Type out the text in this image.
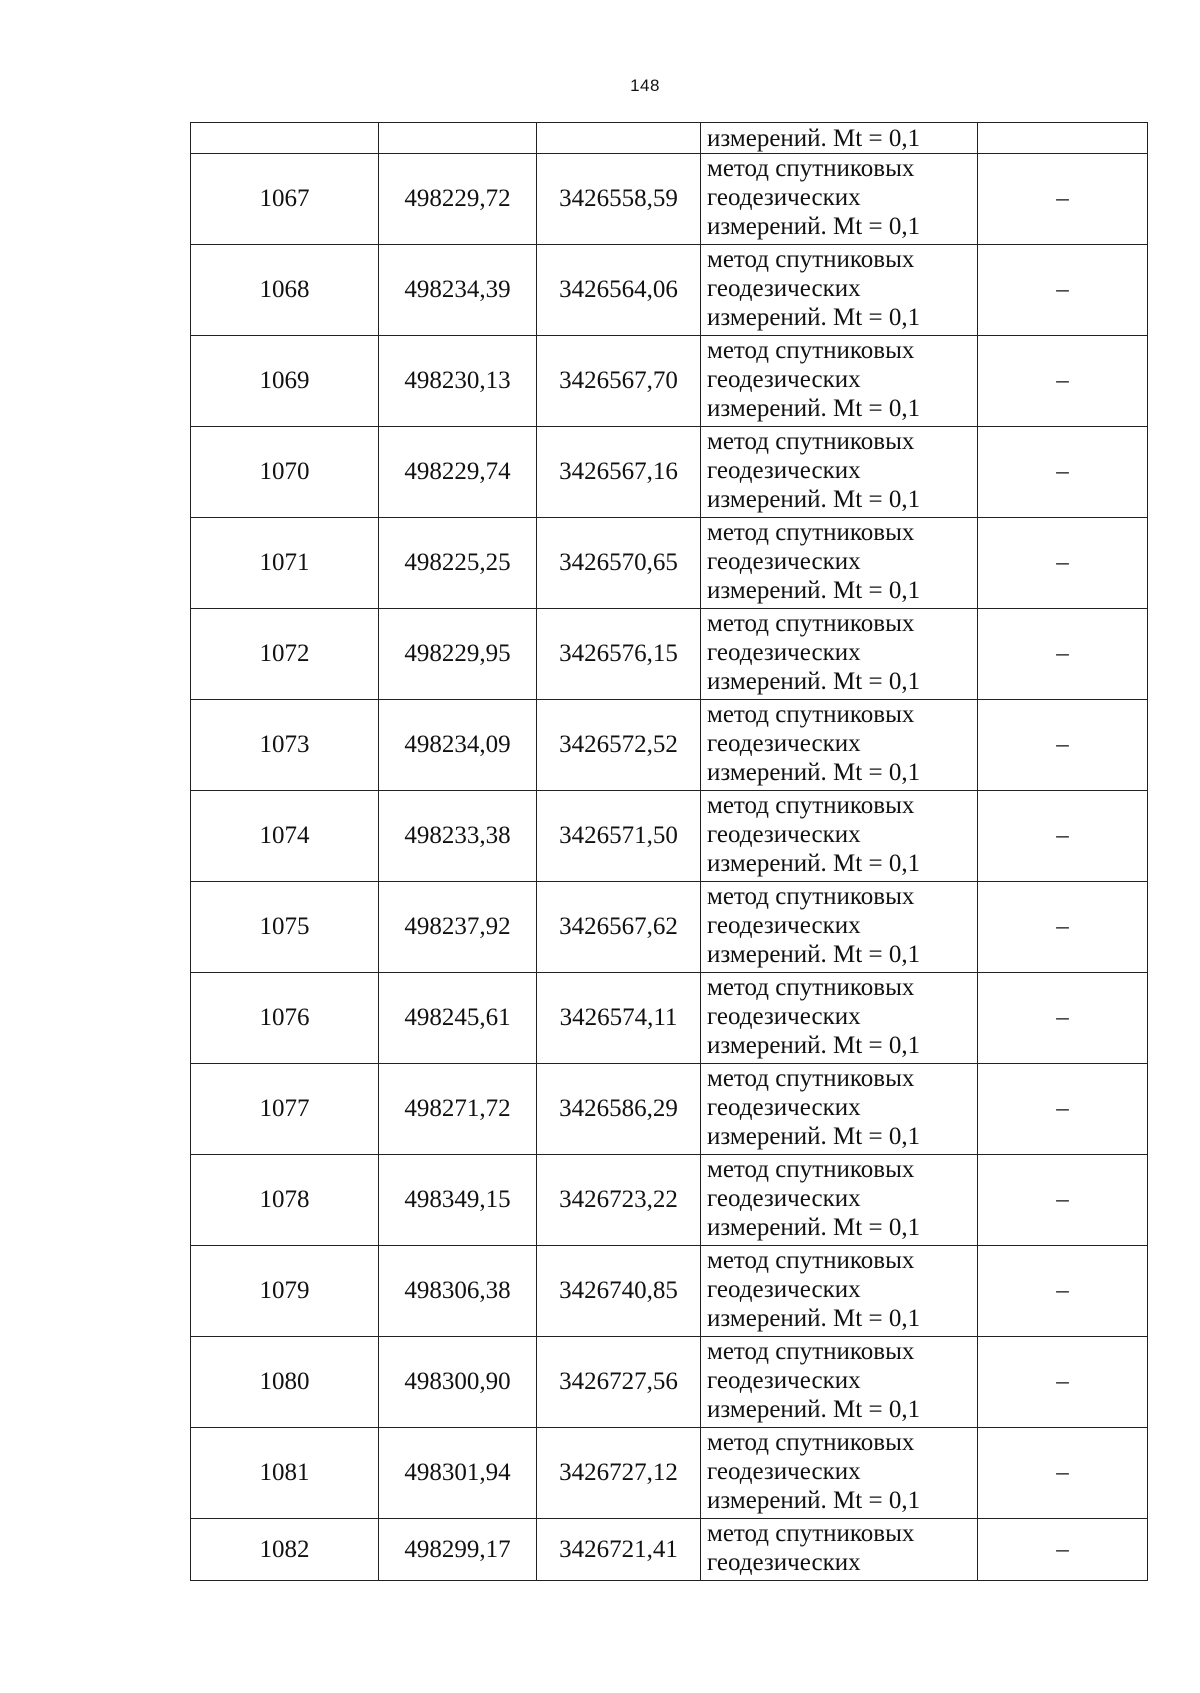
148

			измерений. Mt = 0,1	

1067	498229,72	3426558,59	метод спутниковых
геодезических
измерений. Mt = 0,1	–
1068	498234,39	3426564,06	метод спутниковых
геодезических
измерений. Mt = 0,1	–
1069	498230,13	3426567,70	метод спутниковых
геодезических
измерений. Mt = 0,1	–
1070	498229,74	3426567,16	метод спутниковых
геодезических
измерений. Mt = 0,1	–
1071	498225,25	3426570,65	метод спутниковых
геодезических
измерений. Mt = 0,1	–
1072	498229,95	3426576,15	метод спутниковых
геодезических
измерений. Mt = 0,1	–
1073	498234,09	3426572,52	метод спутниковых
геодезических
измерений. Mt = 0,1	–
1074	498233,38	3426571,50	метод спутниковых
геодезических
измерений. Mt = 0,1	–
1075	498237,92	3426567,62	метод спутниковых
геодезических
измерений. Mt = 0,1	–
1076	498245,61	3426574,11	метод спутниковых
геодезических
измерений. Mt = 0,1	–
1077	498271,72	3426586,29	метод спутниковых
геодезических
измерений. Mt = 0,1	–
1078	498349,15	3426723,22	метод спутниковых
геодезических
измерений. Mt = 0,1	–
1079	498306,38	3426740,85	метод спутниковых
геодезических
измерений. Mt = 0,1	–
1080	498300,90	3426727,56	метод спутниковых
геодезических
измерений. Mt = 0,1	–
1081	498301,94	3426727,12	метод спутниковых
геодезических
измерений. Mt = 0,1	–
1082	498299,17	3426721,41	метод спутниковых
геодезических	–
